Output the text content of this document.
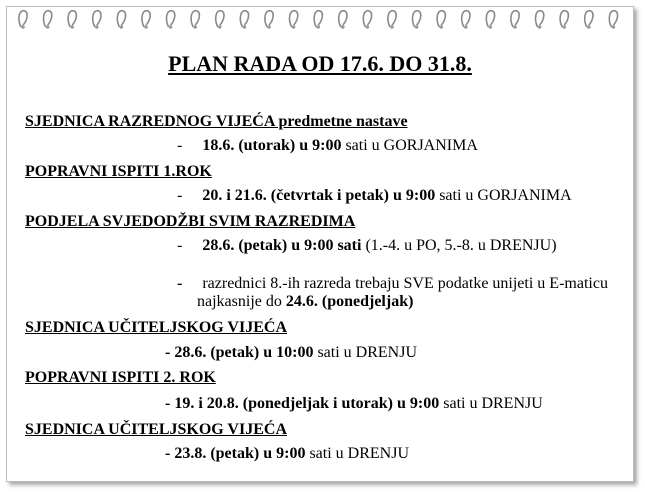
PLAN RADA OD 17.6. DO 31.8.
SJEDNICA RAZREDNOG VIJEĆA predmetne nastave
- 18.6. (utorak) u 9:00 sati u GORJANIMA
POPRAVNI ISPITI 1.ROK
- 20. i 21.6. (četvrtak i petak) u 9:00 sati u GORJANIMA
PODJELA SVJEDODŽBI SVIM RAZREDIMA
- 28.6. (petak) u 9:00 sati (1.-4. u PO, 5.-8. u DRENJU)
- razrednici 8.-ih razreda trebaju SVE podatke unijeti u E-maticu
najkasnije do 24.6. (ponedjeljak)
SJEDNICA UČITELJSKOG VIJEĆA
- 28.6. (petak) u 10:00 sati u DRENJU
POPRAVNI ISPITI 2. ROK
- 19. i 20.8. (ponedjeljak i utorak) u 9:00 sati u DRENJU
SJEDNICA UČITELJSKOG VIJEĆA
- 23.8. (petak) u 9:00 sati u DRENJU
